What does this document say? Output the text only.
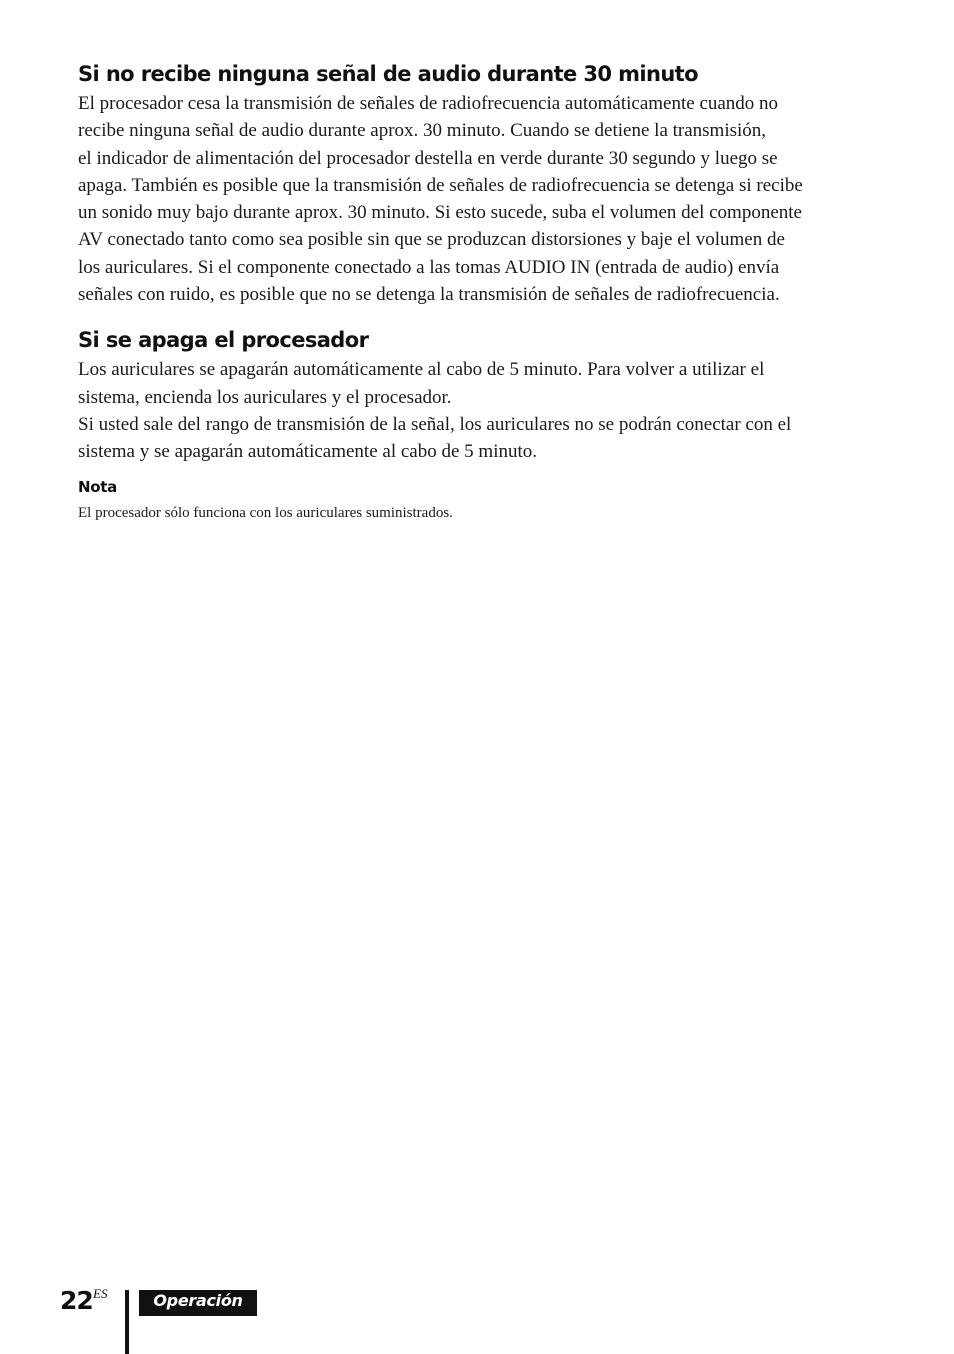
Si no recibe ninguna señal de audio durante 30 minuto

El procesador cesa la transmisión de señales de radiofrecuencia automáticamente cuando no
recibe ninguna señal de audio durante aprox. 30 minuto. Cuando se detiene la transmisión,
el indicador de alimentación del procesador destella en verde durante 30 segundo y luego se
apaga. También es posible que la transmisión de señales de radiofrecuencia se detenga si recibe
un sonido muy bajo durante aprox. 30 minuto. Si esto sucede, suba el volumen del componente
AV conectado tanto como sea posible sin que se produzcan distorsiones y baje el volumen de
los auriculares. Si el componente conectado a las tomas AUDIO IN (entrada de audio) envía
señales con ruido, es posible que no se detenga la transmisión de señales de radiofrecuencia.

Si se apaga el procesador

Los auriculares se apagarán automáticamente al cabo de 5 minuto. Para volver a utilizar el
sistema, encienda los auriculares y el procesador.
Si usted sale del rango de transmisión de la señal, los auriculares no se podrán conectar con el
sistema y se apagarán automáticamente al cabo de 5 minuto.

Nota
El procesador sólo funciona con los auriculares suministrados.
22 ES	Operación
